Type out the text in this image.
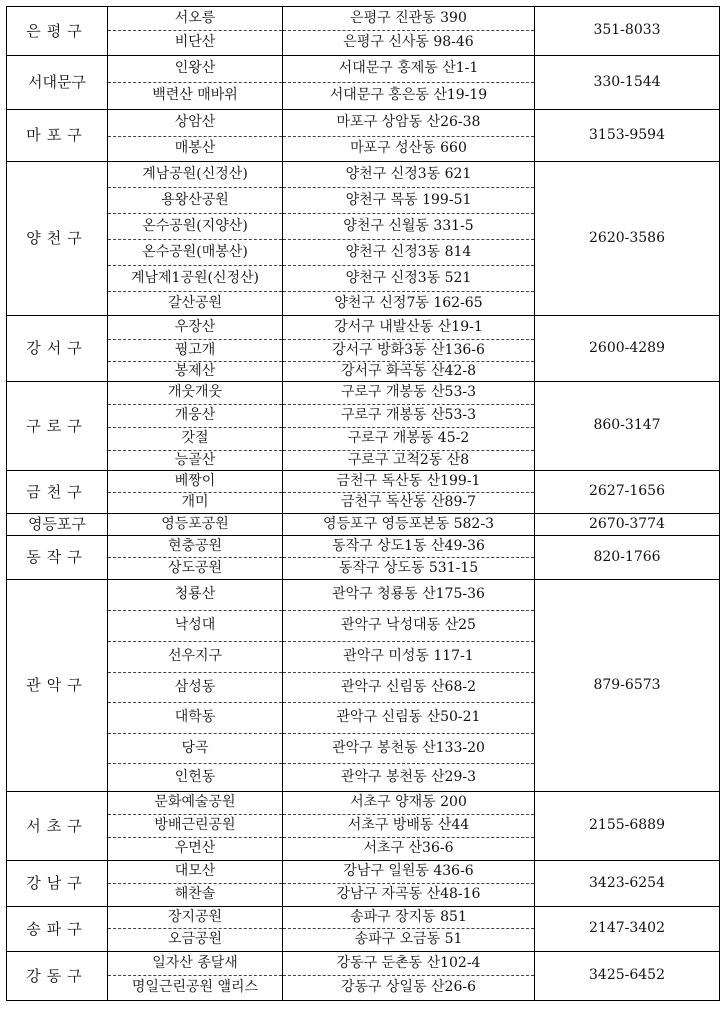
은평구	서오릉	은평구 진관동 390	351-8033
	비단산	은평구 신사동 98-46	
서대문구	인왕산	서대문구 홍제동 산1-1	330-1544
	백련산 매바위	서대문구 홍은동 산19-19	
마포구	상암산	마포구 상암동 산26-38	3153-9594
	매봉산	마포구 성산동 660	
양천구	계남공원(신정산)	양천구 신정3동 621	2620-3586
	용왕산공원	양천구 목동 199-51	
	온수공원(지양산)	양천구 신월동 331-5	
	온수공원(매봉산)	양천구 신정3동 814	
	계남제1공원(신정산)	양천구 신정3동 521	
	갈산공원	양천구 신정7동 162-65	
강서구	우장산	강서구 내발산동 산19-1	2600-4289
	꿩고개	강서구 방화3동 산136-6	
	봉제산	강서구 화곡동 산42-8	
구로구	개웃개웃	구로구 개봉동 산53-3	860-3147
	개웅산	구로구 개봉동 산53-3	
	갓절	구로구 개봉동 45-2	
	능골산	구로구 고척2동 산8	
금천구	베짱이	금천구 독산동 산199-1	2627-1656
	개미	금천구 독산동 산89-7	
영등포구	영등포공원	영등포구 영등포본동 582-3	2670-3774
동작구	현충공원	동작구 상도1동 산49-36	820-1766
	상도공원	동작구 상도동 531-15	
관악구	청룡산	관악구 청룡동 산175-36	879-6573
	낙성대	관악구 낙성대동 산25	
	선우지구	관악구 미성동 117-1	
	삼성동	관악구 신림동 산68-2	
	대학동	관악구 신림동 산50-21	
	당곡	관악구 봉천동 산133-20	
	인헌동	관악구 봉천동 산29-3	
서초구	문화예술공원	서초구 양재동 200	2155-6889
	방배근린공원	서초구 방배동 산44	
	우면산	서초구 산36-6	
강남구	대모산	강남구 일원동 436-6	3423-6254
	해찬솔	강남구 자곡동 산48-16	
송파구	장지공원	송파구 장지동 851	2147-3402
	오금공원	송파구 오금동 51	
강동구	일자산 종달새	강동구 둔촌동 산102-4	3425-6452
	명일근린공원 앨리스	강동구 상일동 산26-6	
